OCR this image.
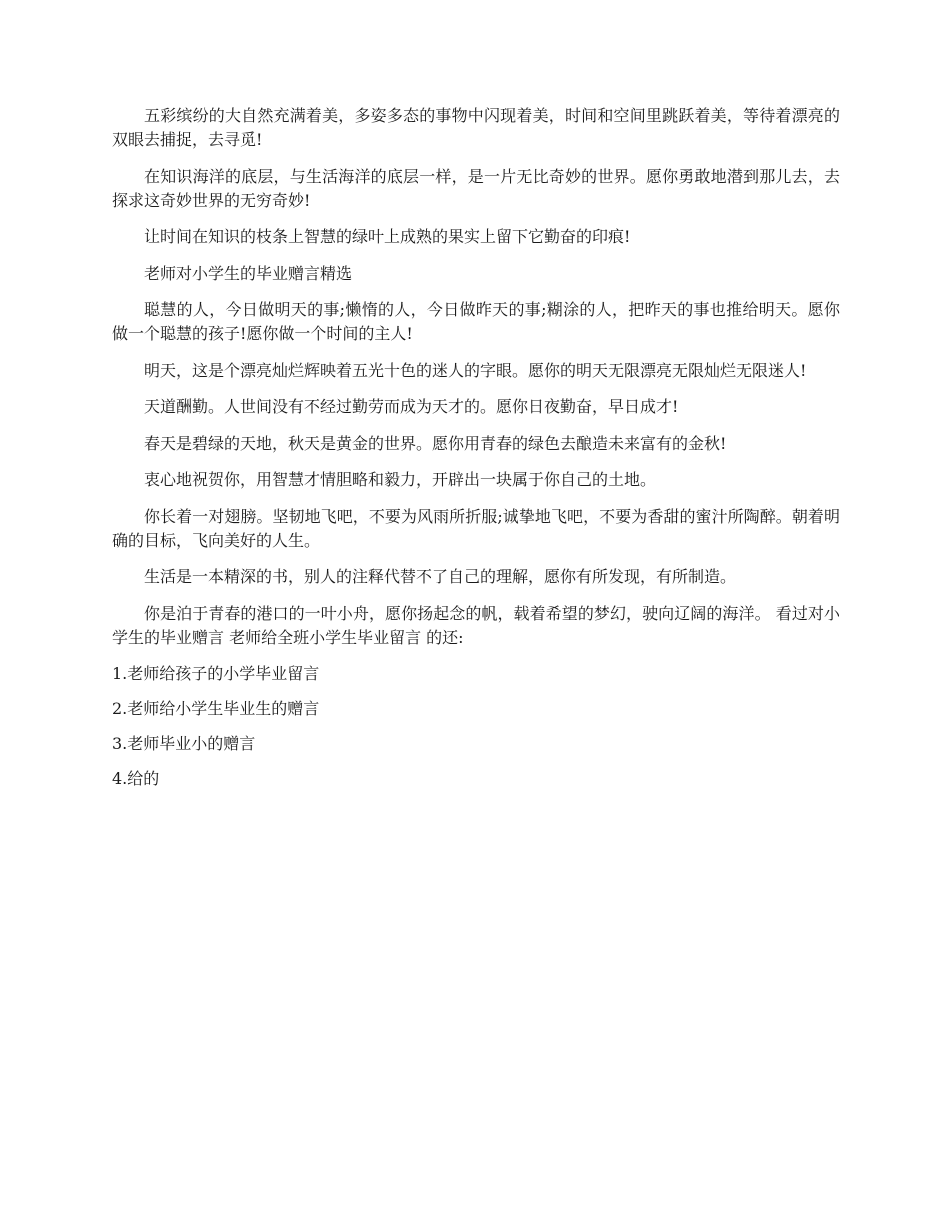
五彩缤纷的大自然充满着美，多姿多态的事物中闪现着美，时间和空间里跳跃着美，等待着漂亮的双眼去捕捉，去寻觅!

在知识海洋的底层，与生活海洋的底层一样，是一片无比奇妙的世界。愿你勇敢地潜到那儿去，去探求这奇妙世界的无穷奇妙!

让时间在知识的枝条上智慧的绿叶上成熟的果实上留下它勤奋的印痕!

老师对小学生的毕业赠言精选

聪慧的人，今日做明天的事;懒惰的人，今日做昨天的事;糊涂的人，把昨天的事也推给明天。愿你做一个聪慧的孩子!愿你做一个时间的主人!

明天，这是个漂亮灿烂辉映着五光十色的迷人的字眼。愿你的明天无限漂亮无限灿烂无限迷人!

天道酬勤。人世间没有不经过勤劳而成为天才的。愿你日夜勤奋，早日成才!

春天是碧绿的天地，秋天是黄金的世界。愿你用青春的绿色去酿造未来富有的金秋!

衷心地祝贺你，用智慧才情胆略和毅力，开辟出一块属于你自己的土地。

你长着一对翅膀。坚韧地飞吧，不要为风雨所折服;诚挚地飞吧，不要为香甜的蜜汁所陶醉。朝着明确的目标，飞向美好的人生。

生活是一本精深的书，别人的注释代替不了自己的理解，愿你有所发现，有所制造。

你是泊于青春的港口的一叶小舟，愿你扬起念的帆，载着希望的梦幻，驶向辽阔的海洋。 看过对小学生的毕业赠言 老师给全班小学生毕业留言 的还:

1.老师给孩子的小学毕业留言

2.老师给小学生毕业生的赠言

3.老师毕业小的赠言

4.给的
